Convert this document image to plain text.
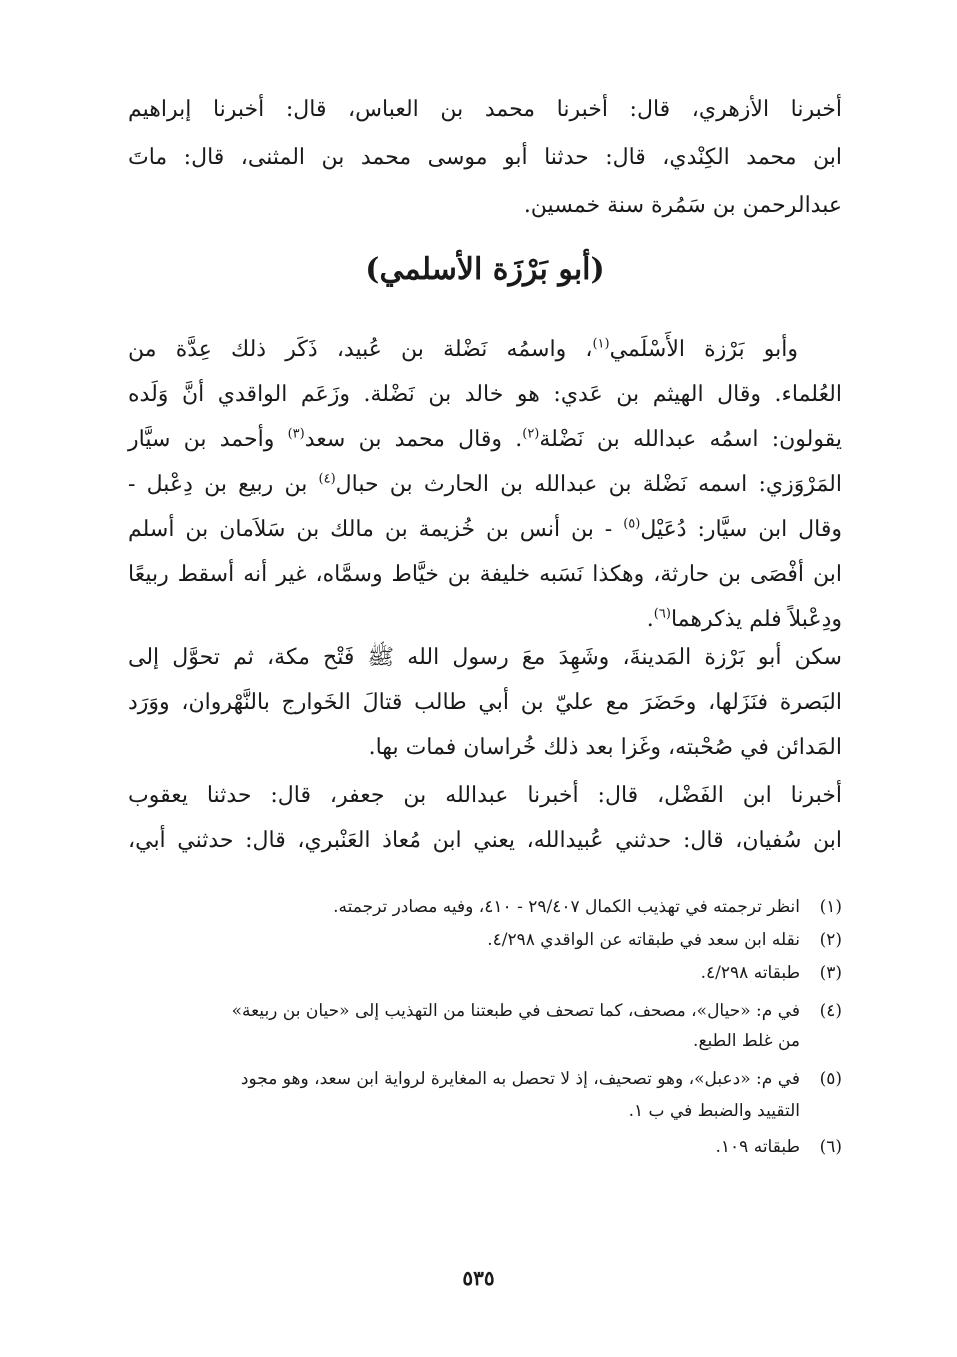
أخبرنا الأزهري، قال: أخبرنا محمد بن العباس، قال: أخبرنا إبراهيم
ابن محمد الكِنْدي، قال: حدثنا أبو موسى محمد بن المثنى، قال: ماتَ
عبدالرحمن بن سَمُرة سنة خمسين.
(أبو بَرْزَة الأسلمي)
وأبو بَرْزة الأَسْلَمي$^{(١)}$، واسمُه نَضْلة بن عُبيد، ذَكَر ذلك عِدَّة من
العُلماء. وقال الهيثم بن عَدي: هو خالد بن نَضْلة. وزَعَم الواقدي أنَّ وَلَده
يقولون: اسمُه عبدالله بن نَضْلة$^{(٢)}$. وقال محمد بن سعد$^{(٣)}$ وأحمد بن سيَّار
المَرْوَزي: اسمه نَضْلة بن عبدالله بن الحارث بن حبال$^{(٤)}$ بن ربيع بن دِعْبل -
وقال ابن سيَّار: دُعَيْل$^{(٥)}$ - بن أنس بن خُزيمة بن مالك بن سَلاَمان بن أسلم
ابن أفْصَى بن حارثة، وهكذا نَسَبه خليفة بن خيَّاط وسمَّاه، غير أنه أسقط ربيعًا
ودِعْبلاً فلم يذكرهما$^{(٦)}$.
سكن أبو بَرْزة المَدينةَ، وشَهِدَ معَ رسول الله ﷺ فَتْح مكة، ثم تحوَّل إلى
البَصرة فنَزَلها، وحَضَرَ مع عليّ بن أبي طالب قتالَ الخَوارج بالنَّهْروان، ووَرَد
المَدائن في صُحْبته، وغَزا بعد ذلك خُراسان فمات بها.
أخبرنا ابن الفَضْل، قال: أخبرنا عبدالله بن جعفر، قال: حدثنا يعقوب
ابن سُفيان، قال: حدثني عُبيدالله، يعني ابن مُعاذ العَنْبري، قال: حدثني أبي،
(١)انظر ترجمته في تهذيب الكمال ٢٩/٤٠٧ - ٤١٠، وفيه مصادر ترجمته.
(٢)نقله ابن سعد في طبقاته عن الواقدي ٤/٢٩٨.
(٣)طبقاته ٤/٢٩٨.
(٤)في م: «حيال»، مصحف، كما تصحف في طبعتنا من التهذيب إلى «حيان بن ربيعة»
من غلط الطبع.
(٥)في م: «دعبل»، وهو تصحيف، إذ لا تحصل به المغايرة لرواية ابن سعد، وهو مجود
التقييد والضبط في ب ١.
(٦)طبقاته ١٠٩.
٥٣٥
